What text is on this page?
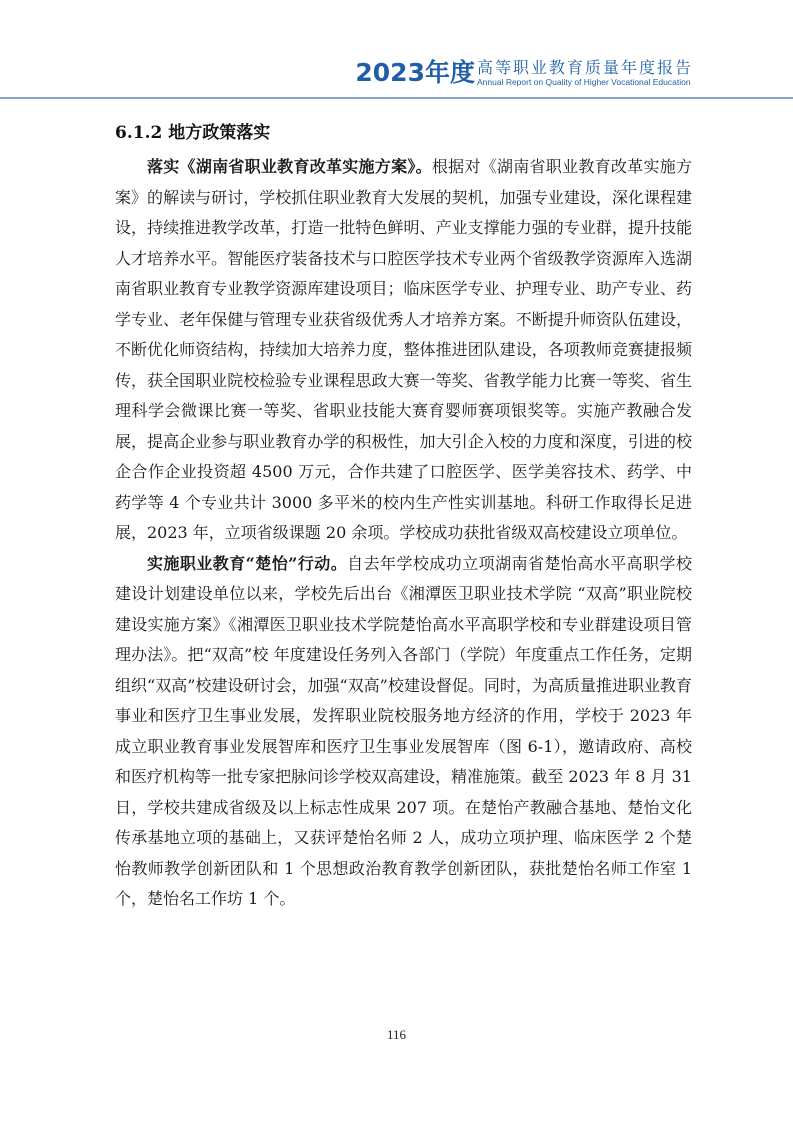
2023年度 高等职业教育质量年度报告
Annual Report on Quality of Higher Vocational Education
6.1.2 地方政策落实

落实《湖南省职业教育改革实施方案》。根据对《湖南省职业教育改革实施方案》的解读与研讨，学校抓住职业教育大发展的契机，加强专业建设，深化课程建设，持续推进教学改革，打造一批特色鲜明、产业支撑能力强的专业群，提升技能人才培养水平。智能医疗装备技术与口腔医学技术专业两个省级教学资源库入选湖南省职业教育专业教学资源库建设项目；临床医学专业、护理专业、助产专业、药学专业、老年保健与管理专业获省级优秀人才培养方案。不断提升师资队伍建设，不断优化师资结构，持续加大培养力度，整体推进团队建设，各项教师竞赛捷报频传，获全国职业院校检验专业课程思政大赛一等奖、省教学能力比赛一等奖、省生理科学会微课比赛一等奖、省职业技能大赛育婴师赛项银奖等。实施产教融合发展，提高企业参与职业教育办学的积极性，加大引企入校的力度和深度，引进的校企合作企业投资超 4500 万元，合作共建了口腔医学、医学美容技术、药学、中药学等 4 个专业共计 3000 多平米的校内生产性实训基地。科研工作取得长足进展，2023 年，立项省级课题 20 余项。学校成功获批省级双高校建设立项单位。

实施职业教育“楚怡”行动。自去年学校成功立项湖南省楚怡高水平高职学校建设计划建设单位以来，学校先后出台《湘潭医卫职业技术学院 “双高”职业院校建设实施方案》《湘潭医卫职业技术学院楚怡高水平高职学校和专业群建设项目管理办法》。把“双高”校 年度建设任务列入各部门（学院）年度重点工作任务，定期组织“双高”校建设研讨会，加强“双高”校建设督促。同时，为高质量推进职业教育事业和医疗卫生事业发展，发挥职业院校服务地方经济的作用，学校于 2023 年成立职业教育事业发展智库和医疗卫生事业发展智库（图 6-1），邀请政府、高校和医疗机构等一批专家把脉问诊学校双高建设，精准施策。截至 2023 年 8 月 31 日，学校共建成省级及以上标志性成果 207 项。在楚怡产教融合基地、楚怡文化传承基地立项的基础上，又获评楚怡名师 2 人，成功立项护理、临床医学 2 个楚怡教师教学创新团队和 1 个思想政治教育教学创新团队，获批楚怡名师工作室 1 个，楚怡名工作坊 1 个。

116
